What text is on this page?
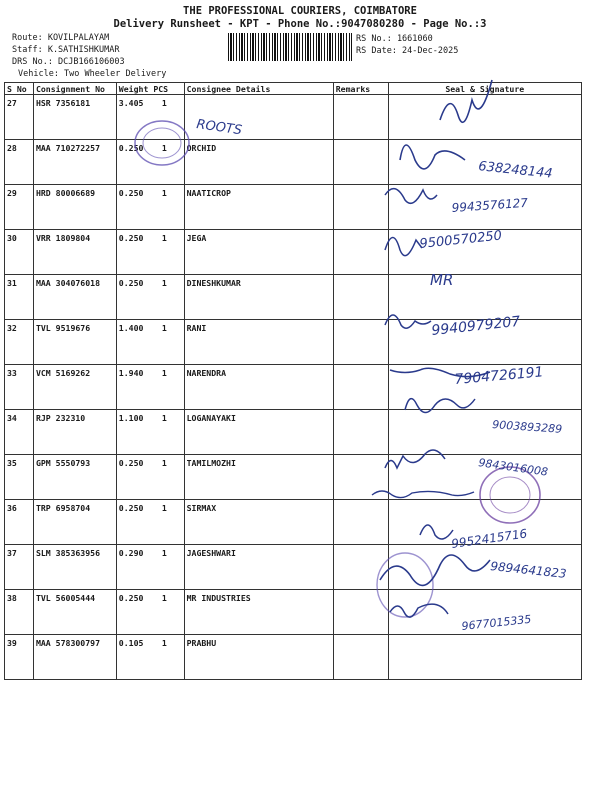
THE PROFESSIONAL COURIERS, COIMBATORE
Delivery Runsheet - KPT - Phone No.:9047080280 - Page No.:3
Route: KOVILPALAYAM
Staff: K.SATHISHKUMAR
DRS No.: DCJB166106003
Vehicle: Two Wheeler Delivery
RS No.: 1661060
RS Date: 24-Dec-2025
S No	Consignment No	Weight PCS	Consignee Details	Remarks	Seal & Signature
27	HSR 7356181	3.405 1			
28	MAA 710272257	0.250 1	ORCHID		
29	HRD 80006689	0.250 1	NAATICROP		
30	VRR 1809804	0.250 1	JEGA		
31	MAA 304076018	0.250 1	DINESHKUMAR		
32	TVL 9519676	1.400 1	RANI		
33	VCM 5169262	1.940 1	NARENDRA		
34	RJP 232310	1.100 1	LOGANAYAKI		
35	GPM 5550793	0.250 1	TAMILMOZHI		
36	TRP 6958704	0.250 1	SIRMAX		
37	SLM 385363956	0.290 1	JAGESHWARI		
38	TVL 56005444	0.250 1	MR INDUSTRIES		
39	MAA 578300797	0.105 1	PRABHU		
ROOTS
638248144
9943576127
9500570250
MR
9940979207
7904726191
9003893289
9843016008
9952415716
9894641823
9677015335
